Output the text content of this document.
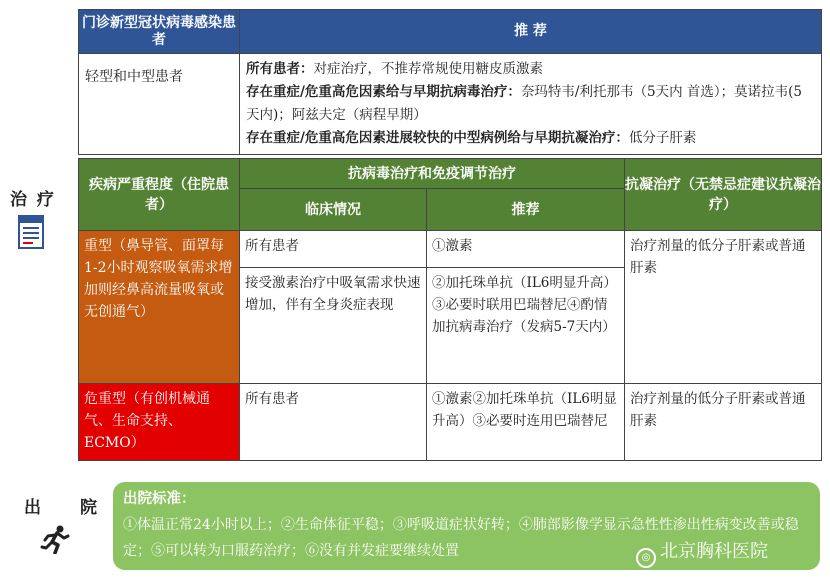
门诊新型冠状病毒感染患者	推 荐
轻型和中型患者	所有患者：对症治疗，不推荐常规使用糖皮质激素
存在重症/危重高危因素给与早期抗病毒治疗：奈玛特韦/利托那韦（5天内 首选）；莫诺拉韦(5天内)；阿兹夫定（病程早期）
存在重症/危重高危因素进展较快的中型病例给与早期抗凝治疗：低分子肝素
治 疗
疾病严重程度（住院患者）	抗病毒治疗和免疫调节治疗		抗凝治疗（无禁忌症建议抗凝治疗）
	临床情况	推荐	
重型（鼻导管、面罩每1-2小时观察吸氧需求增加则经鼻高流量吸氧或无创通气）	所有患者	①激素	治疗剂量的低分子肝素或普通肝素
	接受激素治疗中吸氧需求快速增加，伴有全身炎症表现	②加托珠单抗（IL6明显升高）③必要时联用巴瑞替尼④酌情加抗病毒治疗（发病5-7天内）	
危重型（有创机械通气、生命支持、ECMO）	所有患者	①激素②加托珠单抗（IL6明显升高）③必要时连用巴瑞替尼	治疗剂量的低分子肝素或普通肝素
出 院 出院标准：
①体温正常24小时以上；②生命体征平稳；③呼吸道症状好转；④肺部影像学显示急性性渗出性病变改善或稳定；⑤可以转为口服药治疗；⑥没有并发症要继续处置	◎ 北京胸科医院
